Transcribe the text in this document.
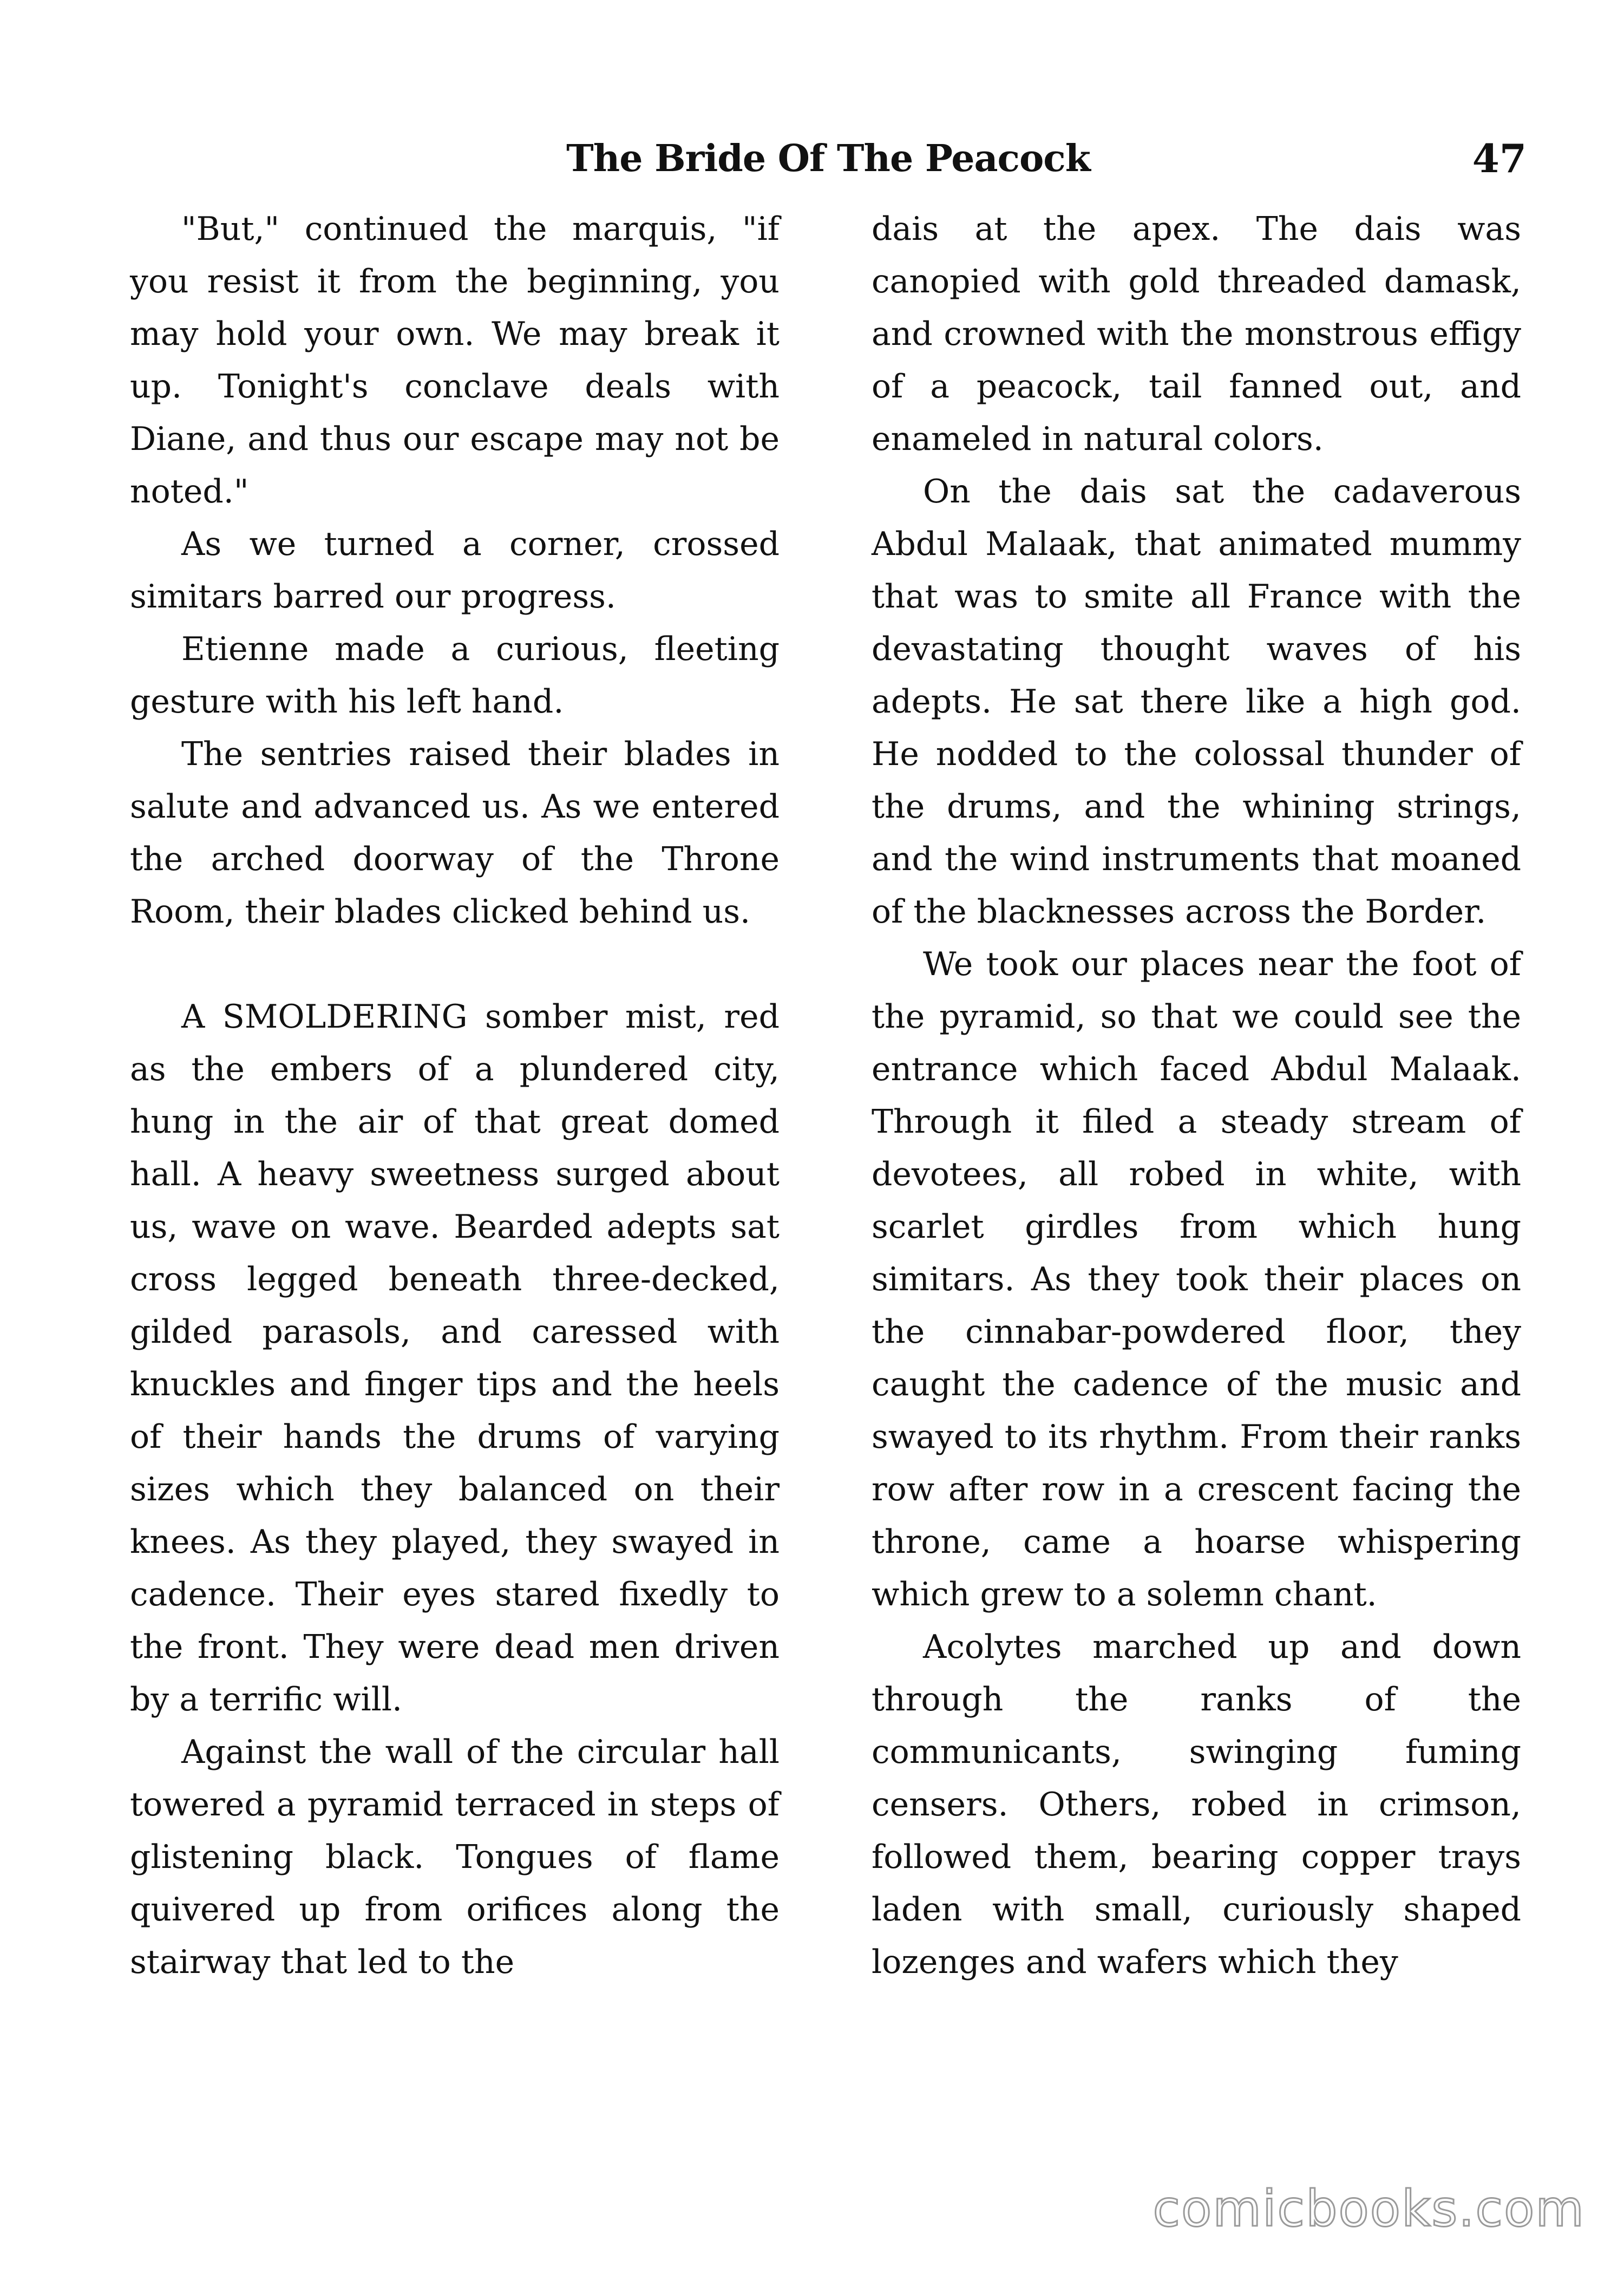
The Bride Of The Peacock	47

"But," continued the marquis, "if you resist it from the beginning, you may hold your own. We may break it up. Tonight's conclave deals with Diane, and thus our escape may not be noted."

As we turned a corner, crossed simitars barred our progress.

Etienne made a curious, fleeting gesture with his left hand.

The sentries raised their blades in salute and advanced us. As we entered the arched doorway of the Throne Room, their blades clicked behind us.

A SMOLDERING somber mist, red as the embers of a plundered city, hung in the air of that great domed hall. A heavy sweetness surged about us, wave on wave. Bearded adepts sat cross legged beneath three-decked, gilded parasols, and caressed with knuckles and finger tips and the heels of their hands the drums of varying sizes which they balanced on their knees. As they played, they swayed in cadence. Their eyes stared fixedly to the front. They were dead men driven by a terrific will.

Against the wall of the circular hall towered a pyramid terraced in steps of glistening black. Tongues of flame quivered up from orifices along the stairway that led to the

dais at the apex. The dais was canopied with gold threaded damask, and crowned with the monstrous effigy of a peacock, tail fanned out, and enameled in natural colors.

On the dais sat the cadaverous Abdul Malaak, that animated mummy that was to smite all France with the devastating thought waves of his adepts. He sat there like a high god. He nodded to the colossal thunder of the drums, and the whining strings, and the wind instruments that moaned of the blacknesses across the Border.

We took our places near the foot of the pyramid, so that we could see the entrance which faced Abdul Malaak. Through it filed a steady stream of devotees, all robed in white, with scarlet girdles from which hung simitars. As they took their places on the cinnabar-powdered floor, they caught the cadence of the music and swayed to its rhythm. From their ranks row after row in a crescent facing the throne, came a hoarse whispering which grew to a solemn chant.

Acolytes marched up and down through the ranks of the communicants, swinging fuming censers. Others, robed in crimson, followed them, bearing copper trays laden with small, curiously shaped lozenges and wafers which they

comicbooks.com
